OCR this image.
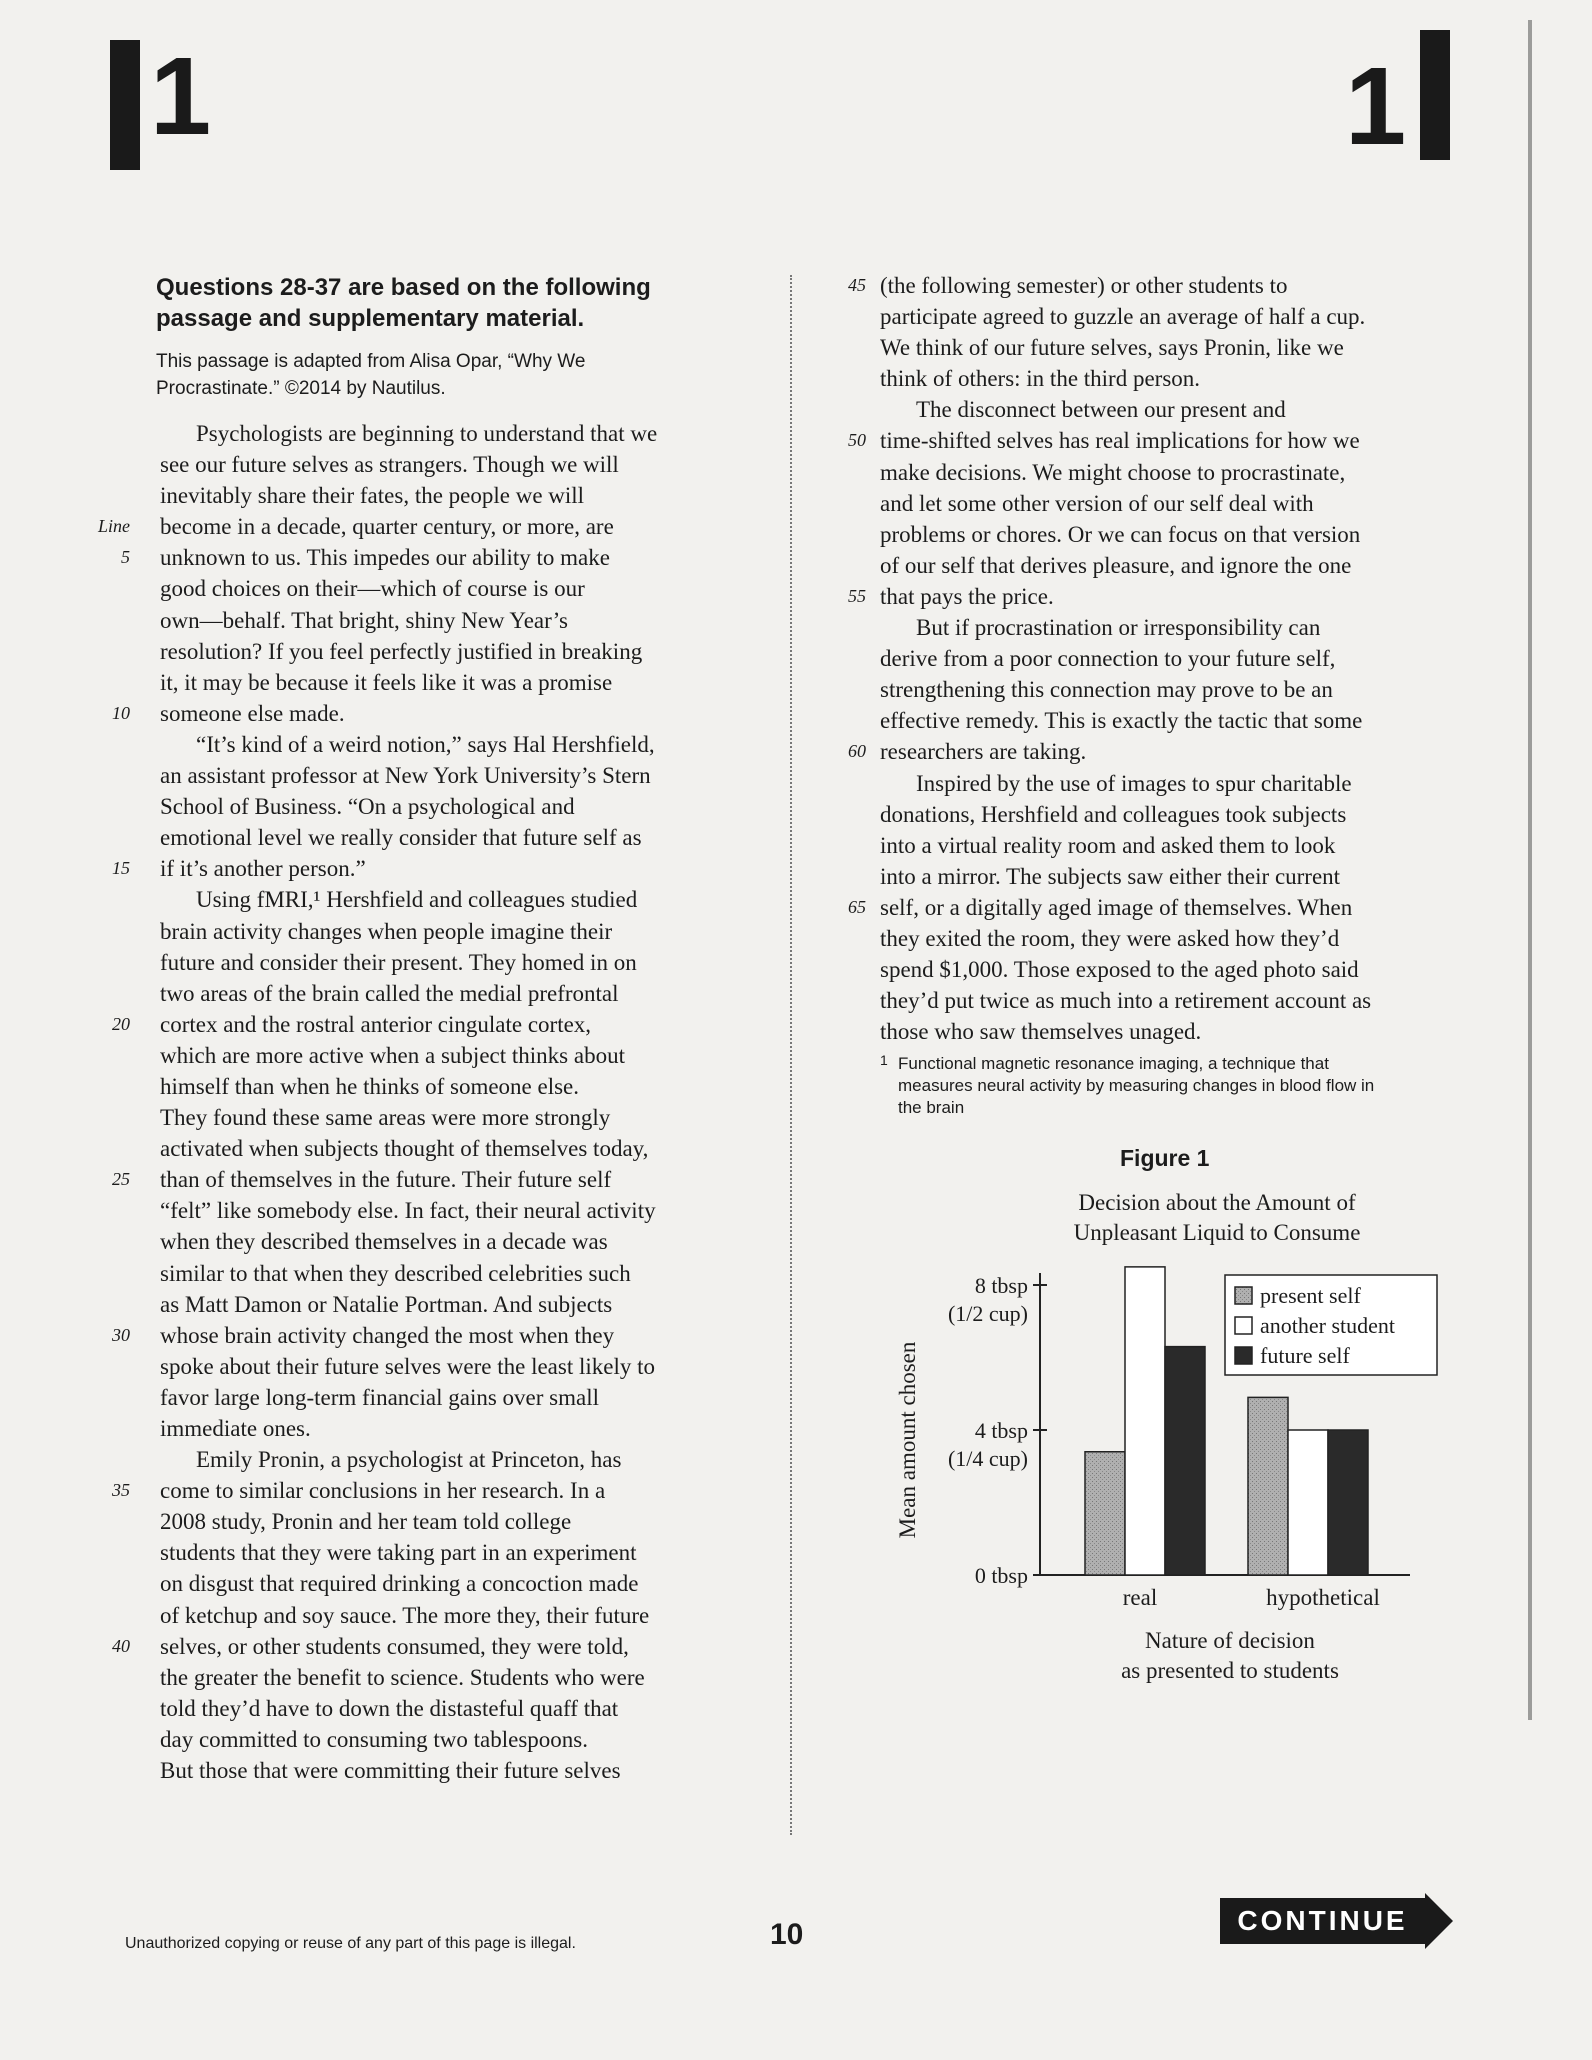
1	1
Questions 28-37 are based on the following
passage and supplementary material.
This passage is adapted from Alisa Opar, “Why We
Procrastinate.” ©2014 by Nautilus.
Psychologists are beginning to understand that we
see our future selves as strangers. Though we will
inevitably share their fates, the people we will
Line become in a decade, quarter century, or more, are
5 unknown to us. This impedes our ability to make
good choices on their—which of course is our
own—behalf. That bright, shiny New Year’s
resolution? If you feel perfectly justified in breaking
it, it may be because it feels like it was a promise
10 someone else made.
“It’s kind of a weird notion,” says Hal Hershfield,
an assistant professor at New York University’s Stern
School of Business. “On a psychological and
emotional level we really consider that future self as
15 if it’s another person.”
Using fMRI,¹ Hershfield and colleagues studied
brain activity changes when people imagine their
future and consider their present. They homed in on
two areas of the brain called the medial prefrontal
20 cortex and the rostral anterior cingulate cortex,
which are more active when a subject thinks about
himself than when he thinks of someone else.
They found these same areas were more strongly
activated when subjects thought of themselves today,
25 than of themselves in the future. Their future self
“felt” like somebody else. In fact, their neural activity
when they described themselves in a decade was
similar to that when they described celebrities such
as Matt Damon or Natalie Portman. And subjects
30 whose brain activity changed the most when they
spoke about their future selves were the least likely to
favor large long-term financial gains over small
immediate ones.
Emily Pronin, a psychologist at Princeton, has
35 come to similar conclusions in her research. In a
2008 study, Pronin and her team told college
students that they were taking part in an experiment
on disgust that required drinking a concoction made
of ketchup and soy sauce. The more they, their future
40 selves, or other students consumed, they were told,
the greater the benefit to science. Students who were
told they’d have to down the distasteful quaff that
day committed to consuming two tablespoons.
But those that were committing their future selves
45 (the following semester) or other students to
participate agreed to guzzle an average of half a cup.
We think of our future selves, says Pronin, like we
think of others: in the third person.
The disconnect between our present and
50 time-shifted selves has real implications for how we
make decisions. We might choose to procrastinate,
and let some other version of our self deal with
problems or chores. Or we can focus on that version
of our self that derives pleasure, and ignore the one
55 that pays the price.
But if procrastination or irresponsibility can
derive from a poor connection to your future self,
strengthening this connection may prove to be an
effective remedy. This is exactly the tactic that some
60 researchers are taking.
Inspired by the use of images to spur charitable
donations, Hershfield and colleagues took subjects
into a virtual reality room and asked them to look
into a mirror. The subjects saw either their current
65 self, or a digitally aged image of themselves. When
they exited the room, they were asked how they’d
spend $1,000. Those exposed to the aged photo said
they’d put twice as much into a retirement account as
those who saw themselves unaged.
1 Functional magnetic resonance imaging, a technique that
measures neural activity by measuring changes in blood flow in
the brain
Figure 1
Decision about the Amount of
Unpleasant Liquid to Consume
0 tbsp
4 tbsp
(1/4 cup)
8 tbsp
(1/2 cup)
Mean amount chosen
real	hypothetical
Nature of decision
as presented to students
present self
another student
future self
Unauthorized copying or reuse of any part of this page is illegal.	10	CONTINUE
